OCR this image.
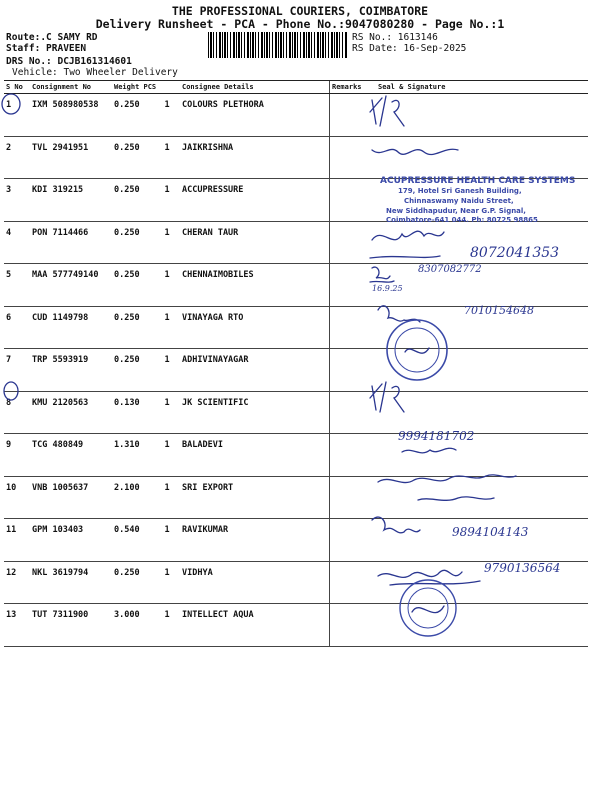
THE PROFESSIONAL COURIERS, COIMBATORE
Delivery Runsheet - PCA - Phone No.:9047080280 - Page No.:1
Route:.C SAMY RD
Staff: PRAVEEN
DRS No.: DCJB161314601
Vehicle: Two Wheeler Delivery
RS No.: 1613146
RS Date: 16-Sep-2025
S No	Consignment No	Weight PCS		Consignee Details	Remarks	Seal & Signature
1	IXM 508980538	0.250	1	COLOURS PLETHORA		
2	TVL 2941951	0.250	1	JAIKRISHNA		
3	KDI 319215	0.250	1	ACCUPRESSURE		
4	PON 7114466	0.250	1	CHERAN TAUR		
5	MAA 577749140	0.250	1	CHENNAIMOBILES		
6	CUD 1149798	0.250	1	VINAYAGA RTO		
7	TRP 5593919	0.250	1	ADHIVINAYAGAR		
8	KMU 2120563	0.130	1	JK SCIENTIFIC		
9	TCG 480849	1.310	1	BALADEVI		
10	VNB 1005637	2.100	1	SRI EXPORT		
11	GPM 103403	0.540	1	RAVIKUMAR		
12	NKL 3619794	0.250	1	VIDHYA		
13	TUT 7311900	3.000	1	INTELLECT AQUA		
ACUPRESSURE HEALTH CARE SYSTEMS
179, Hotel Sri Ganesh Building,
Chinnaswamy Naidu Street,
New Siddhapudur, Near G.P. Signal,
Coimbatore-641 044. Ph: 80725 98865
8072041353
16.9.25
8307082772
7010154648
9994181702
9894104143
9790136564
